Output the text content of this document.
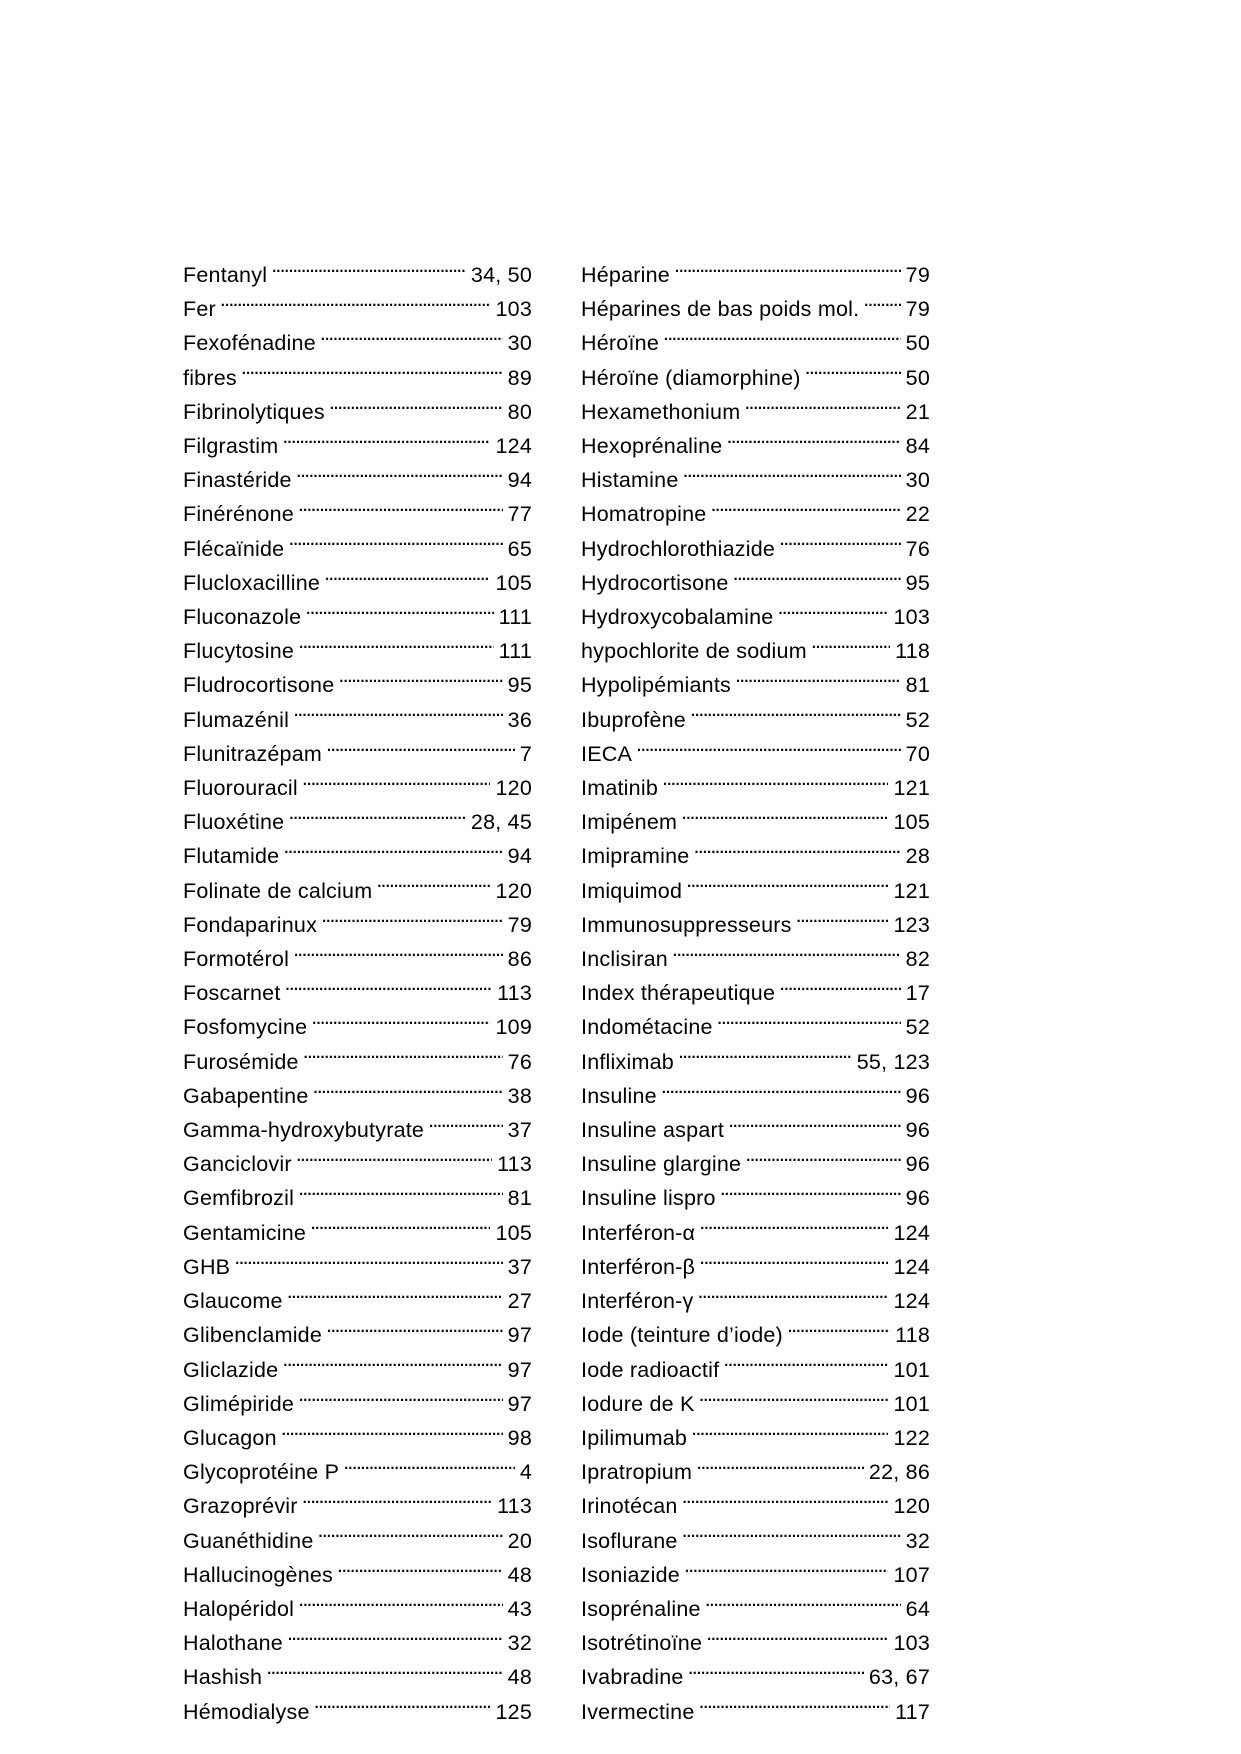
Fentanyl . . .	34, 50
Fer . . .	103
Fexofénadine . . .	30
fibres . . .	89
Fibrinolytiques . . .	80
Filgrastim . . .	124
Finastéride . . .	94
Finérénone . . .	77
Flécaïnide . . .	65
Flucloxacilline . . .	105
Fluconazole . . .	111
Flucytosine . . .	111
Fludrocortisone . . .	95
Flumazénil . . .	36
Flunitrazépam . . .	7
Fluorouracil . . .	120
Fluoxétine . . .	28, 45
Flutamide . . .	94
Folinate de calcium . . .	120
Fondaparinux . . .	79
Formotérol . . .	86
Foscarnet . . .	113
Fosfomycine . . .	109
Furosémide . . .	76
Gabapentine . . .	38
Gamma-hydroxybutyrate . . .	37
Ganciclovir . . .	113
Gemfibrozil . . .	81
Gentamicine . . .	105
GHB . . .	37
Glaucome . . .	27
Glibenclamide . . .	97
Gliclazide . . .	97
Glimépiride . . .	97
Glucagon . . .	98
Glycoprotéine P . . .	4
Grazoprévir . . .	113
Guanéthidine . . .	20
Hallucinogènes . . .	48
Halopéridol . . .	43
Halothane . . .	32
Hashish . . .	48
Hémodialyse . . .	125
Héparine . . .	79
Héparines de bas poids mol. . . . 79
Héroïne . . .	50
Héroïne (diamorphine) . . .	50
Hexamethonium . . .	21
Hexoprénaline . . .	84
Histamine . . .	30
Homatropine . . .	22
Hydrochlorothiazide . . .	76
Hydrocortisone . . .	95
Hydroxycobalamine . . .	103
hypochlorite de sodium . . .	118
Hypolipémiants . . .	81
Ibuprofène . . .	52
IECA . . .	70
Imatinib . . .	121
Imipénem . . .	105
Imipramine . . .	28
Imiquimod . . .	121
Immunosuppresseurs . . .	123
Inclisiran . . .	82
Index thérapeutique . . .	17
Indométacine . . .	52
Infliximab . . .	55, 123
Insuline . . .	96
Insuline aspart . . .	96
Insuline glargine . . .	96
Insuline lispro . . .	96
Interféron-α . . .	124
Interféron-β . . .	124
Interféron-γ . . .	124
Iode (teinture d’iode) . . .	118
Iode radioactif . . .	101
Iodure de K . . .	101
Ipilimumab . . .	122
Ipratropium . . .	22, 86
Irinotécan . . .	120
Isoflurane . . .	32
Isoniazide . . .	107
Isoprénaline . . .	64
Isotrétinoïne . . .	103
Ivabradine . . .	63, 67
Ivermectine . . .	117
